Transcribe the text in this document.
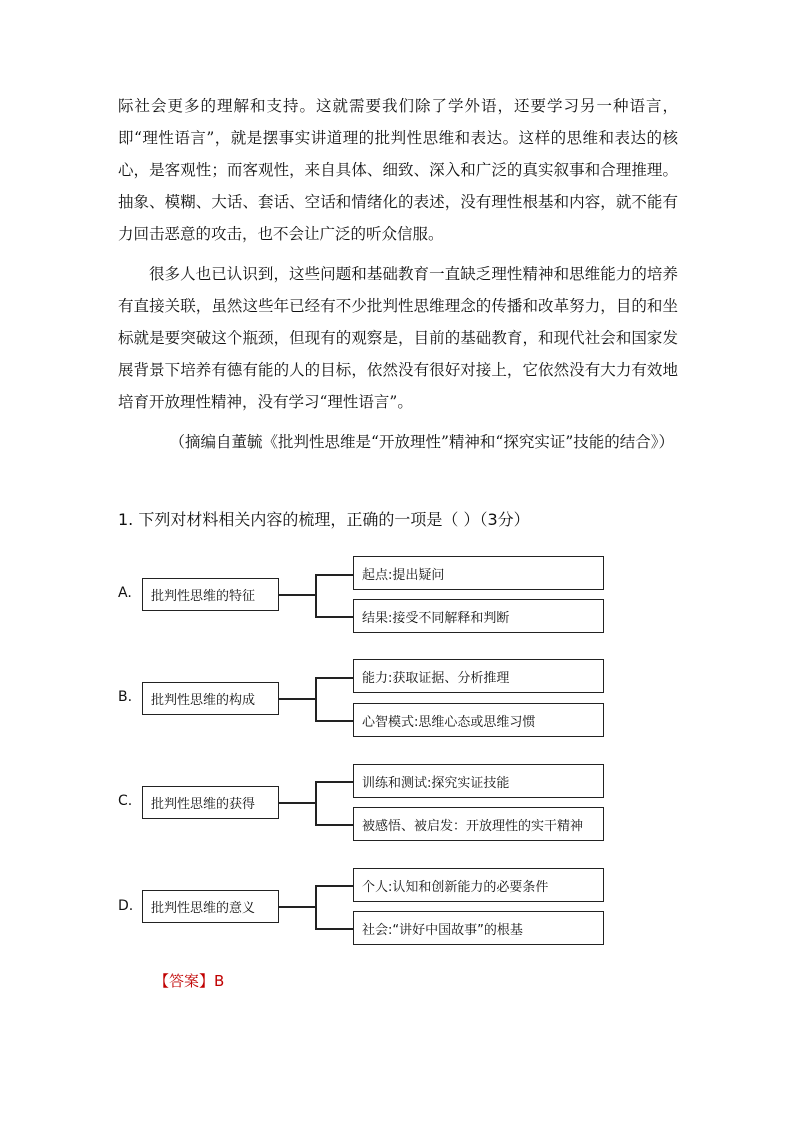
际社会更多的理解和支持。这就需要我们除了学外语，还要学习另一种语言，即“理性语言”，就是摆事实讲道理的批判性思维和表达。这样的思维和表达的核心，是客观性；而客观性，来自具体、细致、深入和广泛的真实叙事和合理推理。抽象、模糊、大话、套话、空话和情绪化的表述，没有理性根基和内容，就不能有力回击恶意的攻击，也不会让广泛的听众信服。
很多人也已认识到，这些问题和基础教育一直缺乏理性精神和思维能力的培养有直接关联，虽然这些年已经有不少批判性思维理念的传播和改革努力，目的和坐标就是要突破这个瓶颈，但现有的观察是，目前的基础教育，和现代社会和国家发展背景下培养有德有能的人的目标，依然没有很好对接上，它依然没有大力有效地培育开放理性精神，没有学习“理性语言”。
（摘编自董毓《批判性思维是“开放理性”精神和“探究实证”技能的结合》）
1. 下列对材料相关内容的梳理，正确的一项是（ ）（3分）
A.	批判性思维的特征
起点:提出疑问
结果:接受不同解释和判断
B.	批判性思维的构成
能力:获取证据、分析推理
心智模式:思维心态或思维习惯
C.	批判性思维的获得
训练和测试:探究实证技能
被感悟、被启发：开放理性的实干精神
D.	批判性思维的意义
个人:认知和创新能力的必要条件
社会:“讲好中国故事”的根基
【答案】B
